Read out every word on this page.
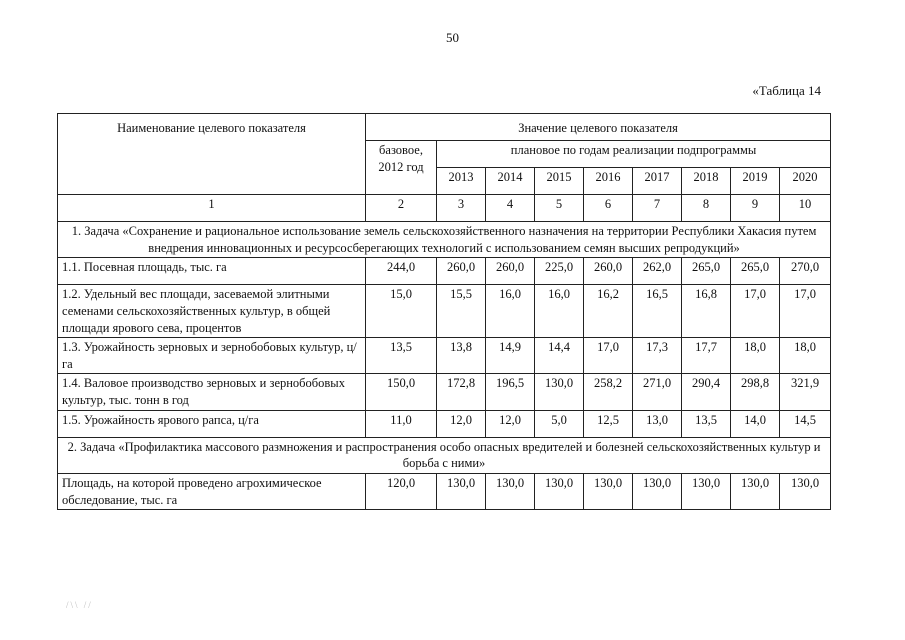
50
«Таблица 14
Наименование целевого показателя	Значение целевого показателя								
	базовое, 2012 год	плановое по годам реализации подпрограммы							
		2013	2014	2015	2016	2017	2018	2019	2020
1	2	3	4	5	6	7	8	9	10
1. Задача «Сохранение и рациональное использование земель сельскохозяйственного назначения на территории Республики Хакасия путем внедрения инновационных и ресурсосберегающих технологий с использованием семян высших репродукций»									
1.1. Посевная площадь, тыс. га	244,0	260,0	260,0	225,0	260,0	262,0	265,0	265,0	270,0
1.2. Удельный вес площади, засеваемой элитными семенами сельскохозяйственных культур, в общей площади ярового сева, процентов	15,0	15,5	16,0	16,0	16,2	16,5	16,8	17,0	17,0
1.3. Урожайность зерновых и зернобобовых культур, ц/га	13,5	13,8	14,9	14,4	17,0	17,3	17,7	18,0	18,0
1.4. Валовое производство зерновых и зернобобовых культур, тыс. тонн в год	150,0	172,8	196,5	130,0	258,2	271,0	290,4	298,8	321,9
1.5. Урожайность ярового рапса, ц/га	11,0	12,0	12,0	5,0	12,5	13,0	13,5	14,0	14,5
2. Задача «Профилактика массового размножения и распространения особо опасных вредителей и болезней сельскохозяйственных культур и борьба с ними»									
Площадь, на которой проведено агрохимическое обследование, тыс. га	120,0	130,0	130,0	130,0	130,0	130,0	130,0	130,0	130,0
/\\ //
